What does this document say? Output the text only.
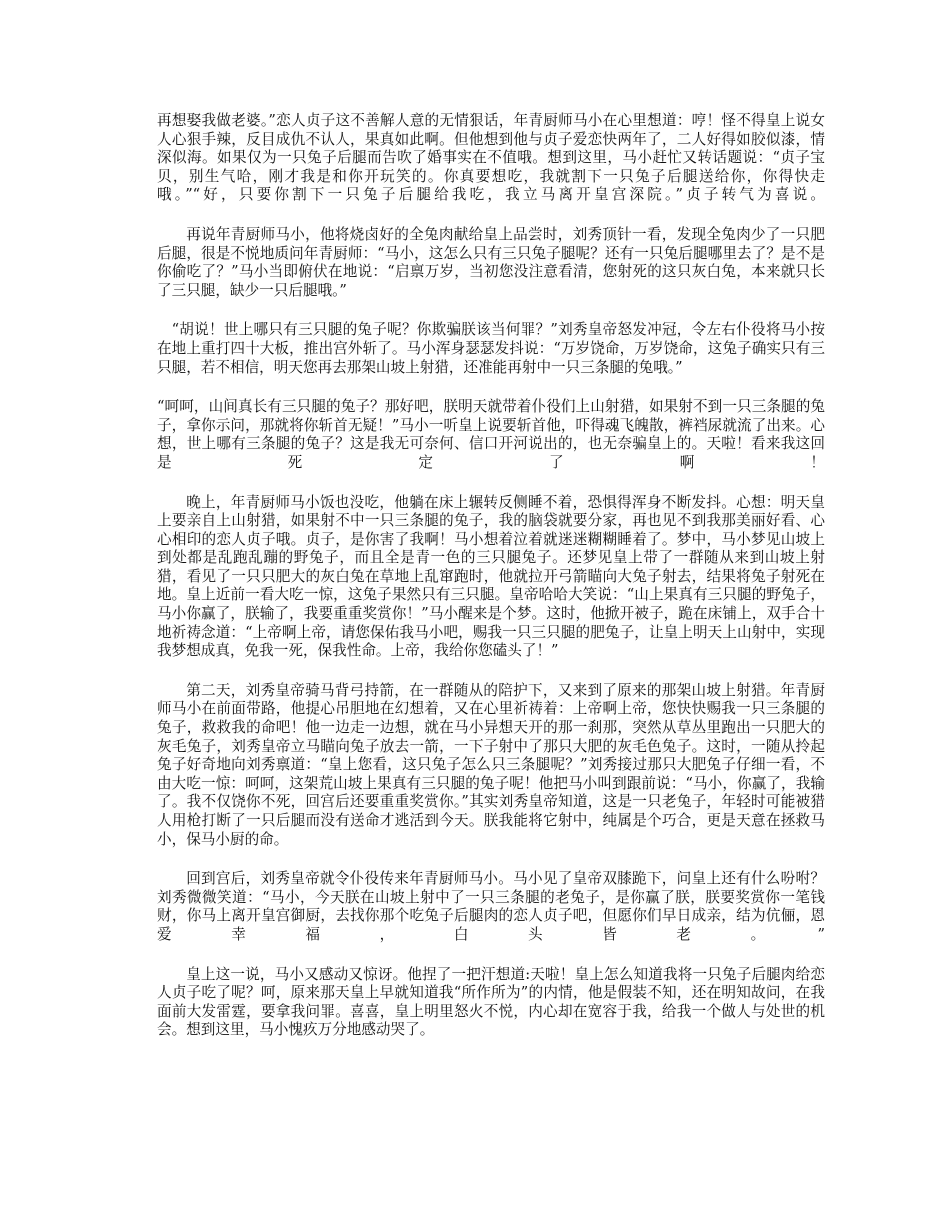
再想娶我做老婆。”恋人贞子这不善解人意的无情狠话，年青厨师马小在心里想道：哼！怪不得皇上说女人心狠手辣，反目成仇不认人，果真如此啊。但他想到他与贞子爱恋快两年了，二人好得如胶似漆，情深似海。如果仅为一只兔子后腿而告吹了婚事实在不值哦。想到这里，马小赶忙又转话题说：“贞子宝贝，别生气哈，刚才我是和你开玩笑的。你真要想吃，我就割下一只兔子后腿送给你，你得快走哦。”“好，只要你割下一只兔子后腿给我吃，我立马离开皇宫深院。”贞子转气为喜说。

再说年青厨师马小，他将烧卤好的全兔肉献给皇上品尝时，刘秀顶针一看，发现全兔肉少了一只肥后腿，很是不悦地质问年青厨师：“马小，这怎么只有三只兔子腿呢？还有一只兔后腿哪里去了？是不是你偷吃了？”马小当即俯伏在地说：“启禀万岁，当初您没注意看清，您射死的这只灰白兔，本来就只长了三只腿，缺少一只后腿哦。”

“胡说！世上哪只有三只腿的兔子呢？你欺骗朕该当何罪？”刘秀皇帝怒发冲冠，令左右仆役将马小按在地上重打四十大板，推出宫外斩了。马小浑身瑟瑟发抖说：“万岁饶命，万岁饶命，这兔子确实只有三只腿，若不相信，明天您再去那架山坡上射猎，还准能再射中一只三条腿的兔哦。”

“呵呵，山间真长有三只腿的兔子？那好吧，朕明天就带着仆役们上山射猎，如果射不到一只三条腿的兔子，拿你示问，那就将你斩首无疑！”马小一听皇上说要斩首他，吓得魂飞魄散，裤裆尿就流了出来。心想，世上哪有三条腿的兔子？这是我无可奈何、信口开河说出的，也无奈骗皇上的。天啦！看来我这回是死定了啊！

晚上，年青厨师马小饭也没吃，他躺在床上辗转反侧睡不着，恐惧得浑身不断发抖。心想：明天皇上要亲自上山射猎，如果射不中一只三条腿的兔子，我的脑袋就要分家，再也见不到我那美丽好看、心心相印的恋人贞子哦。贞子，是你害了我啊！马小想着泣着就迷迷糊糊睡着了。梦中，马小梦见山坡上到处都是乱跑乱蹦的野兔子，而且全是青一色的三只腿兔子。还梦见皇上带了一群随从来到山坡上射猎，看见了一只只肥大的灰白兔在草地上乱窜跑时，他就拉开弓箭瞄向大兔子射去，结果将兔子射死在地。皇上近前一看大吃一惊，这兔子果然只有三只腿。皇帝哈哈大笑说：“山上果真有三只腿的野兔子，马小你赢了，朕输了，我要重重奖赏你！”马小醒来是个梦。这时，他掀开被子，跪在床铺上，双手合十地祈祷念道：“上帝啊上帝，请您保佑我马小吧，赐我一只三只腿的肥兔子，让皇上明天上山射中，实现我梦想成真，免我一死，保我性命。上帝，我给你您磕头了！”

第二天，刘秀皇帝骑马背弓持箭，在一群随从的陪护下，又来到了原来的那架山坡上射猎。年青厨师马小在前面带路，他提心吊胆地在幻想着，又在心里祈祷着：上帝啊上帝，您快快赐我一只三条腿的兔子，救救我的命吧！他一边走一边想，就在马小异想天开的那一刹那，突然从草丛里跑出一只肥大的灰毛兔子，刘秀皇帝立马瞄向兔子放去一箭，一下子射中了那只大肥的灰毛色兔子。这时，一随从拎起兔子好奇地向刘秀禀道：“皇上您看，这只兔子怎么只三条腿呢？”刘秀接过那只大肥兔子仔细一看，不由大吃一惊：呵呵，这架荒山坡上果真有三只腿的兔子呢！他把马小叫到跟前说：“马小，你赢了，我输了。我不仅饶你不死，回宫后还要重重奖赏你。”其实刘秀皇帝知道，这是一只老兔子，年轻时可能被猎人用枪打断了一只后腿而没有送命才逃活到今天。朕我能将它射中，纯属是个巧合，更是天意在拯救马小，保马小厨的命。

回到宫后，刘秀皇帝就令仆役传来年青厨师马小。马小见了皇帝双膝跪下，问皇上还有什么吩咐？刘秀微微笑道：“马小，今天朕在山坡上射中了一只三条腿的老兔子，是你赢了朕，朕要奖赏你一笔钱财，你马上离开皇宫御厨，去找你那个吃兔子后腿肉的恋人贞子吧，但愿你们早日成亲，结为伉俪，恩爱幸福，白头皆老。”

皇上这一说，马小又感动又惊讶。他捏了一把汗想道:天啦！皇上怎么知道我将一只兔子后腿肉给恋人贞子吃了呢？呵，原来那天皇上早就知道我“所作所为”的内情，他是假装不知，还在明知故问，在我面前大发雷霆，要拿我问罪。喜喜，皇上明里怒火不悦，内心却在宽容于我，给我一个做人与处世的机会。想到这里，马小愧疚万分地感动哭了。
